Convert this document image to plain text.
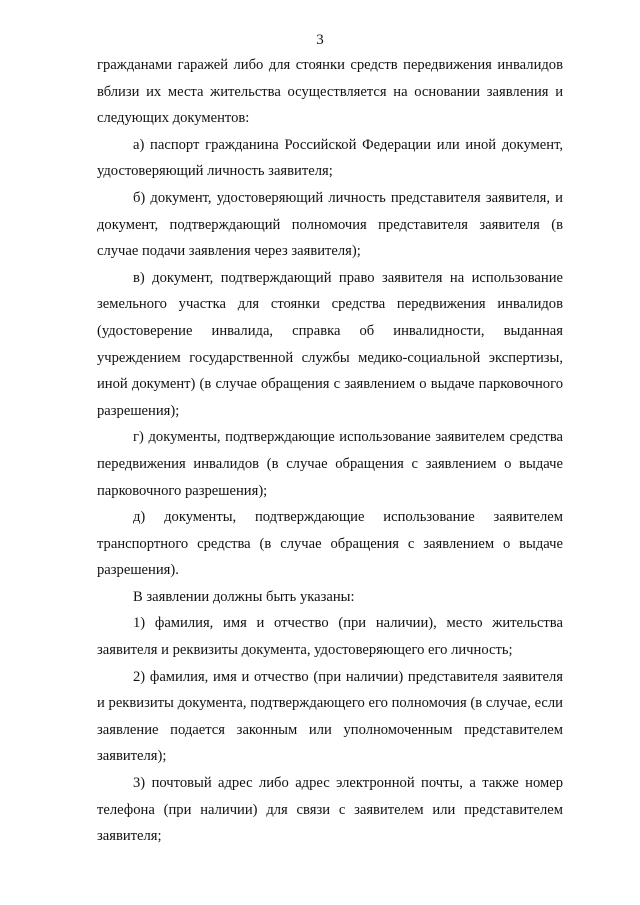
3

гражданами гаражей либо для стоянки средств передвижения инвалидов вблизи их места жительства осуществляется на основании заявления и следующих документов:

а) паспорт гражданина Российской Федерации или иной документ, удостоверяющий личность заявителя;

б) документ, удостоверяющий личность представителя заявителя, и документ, подтверждающий полномочия представителя заявителя (в случае подачи заявления через заявителя);

в) документ, подтверждающий право заявителя на использование земельного участка для стоянки средства передвижения инвалидов (удостоверение инвалида, справка об инвалидности, выданная учреждением государственной службы медико-социальной экспертизы, иной документ) (в случае обращения с заявлением о выдаче парковочного разрешения);

г) документы, подтверждающие использование заявителем средства передвижения инвалидов (в случае обращения с заявлением о выдаче парковочного разрешения);

д) документы, подтверждающие использование заявителем транспортного средства (в случае обращения с заявлением о выдаче разрешения).

В заявлении должны быть указаны:

1) фамилия, имя и отчество (при наличии), место жительства заявителя и реквизиты документа, удостоверяющего его личность;

2) фамилия, имя и отчество (при наличии) представителя заявителя и реквизиты документа, подтверждающего его полномочия (в случае, если заявление подается законным или уполномоченным представителем заявителя);

3) почтовый адрес либо адрес электронной почты, а также номер телефона (при наличии) для связи с заявителем или представителем заявителя;
